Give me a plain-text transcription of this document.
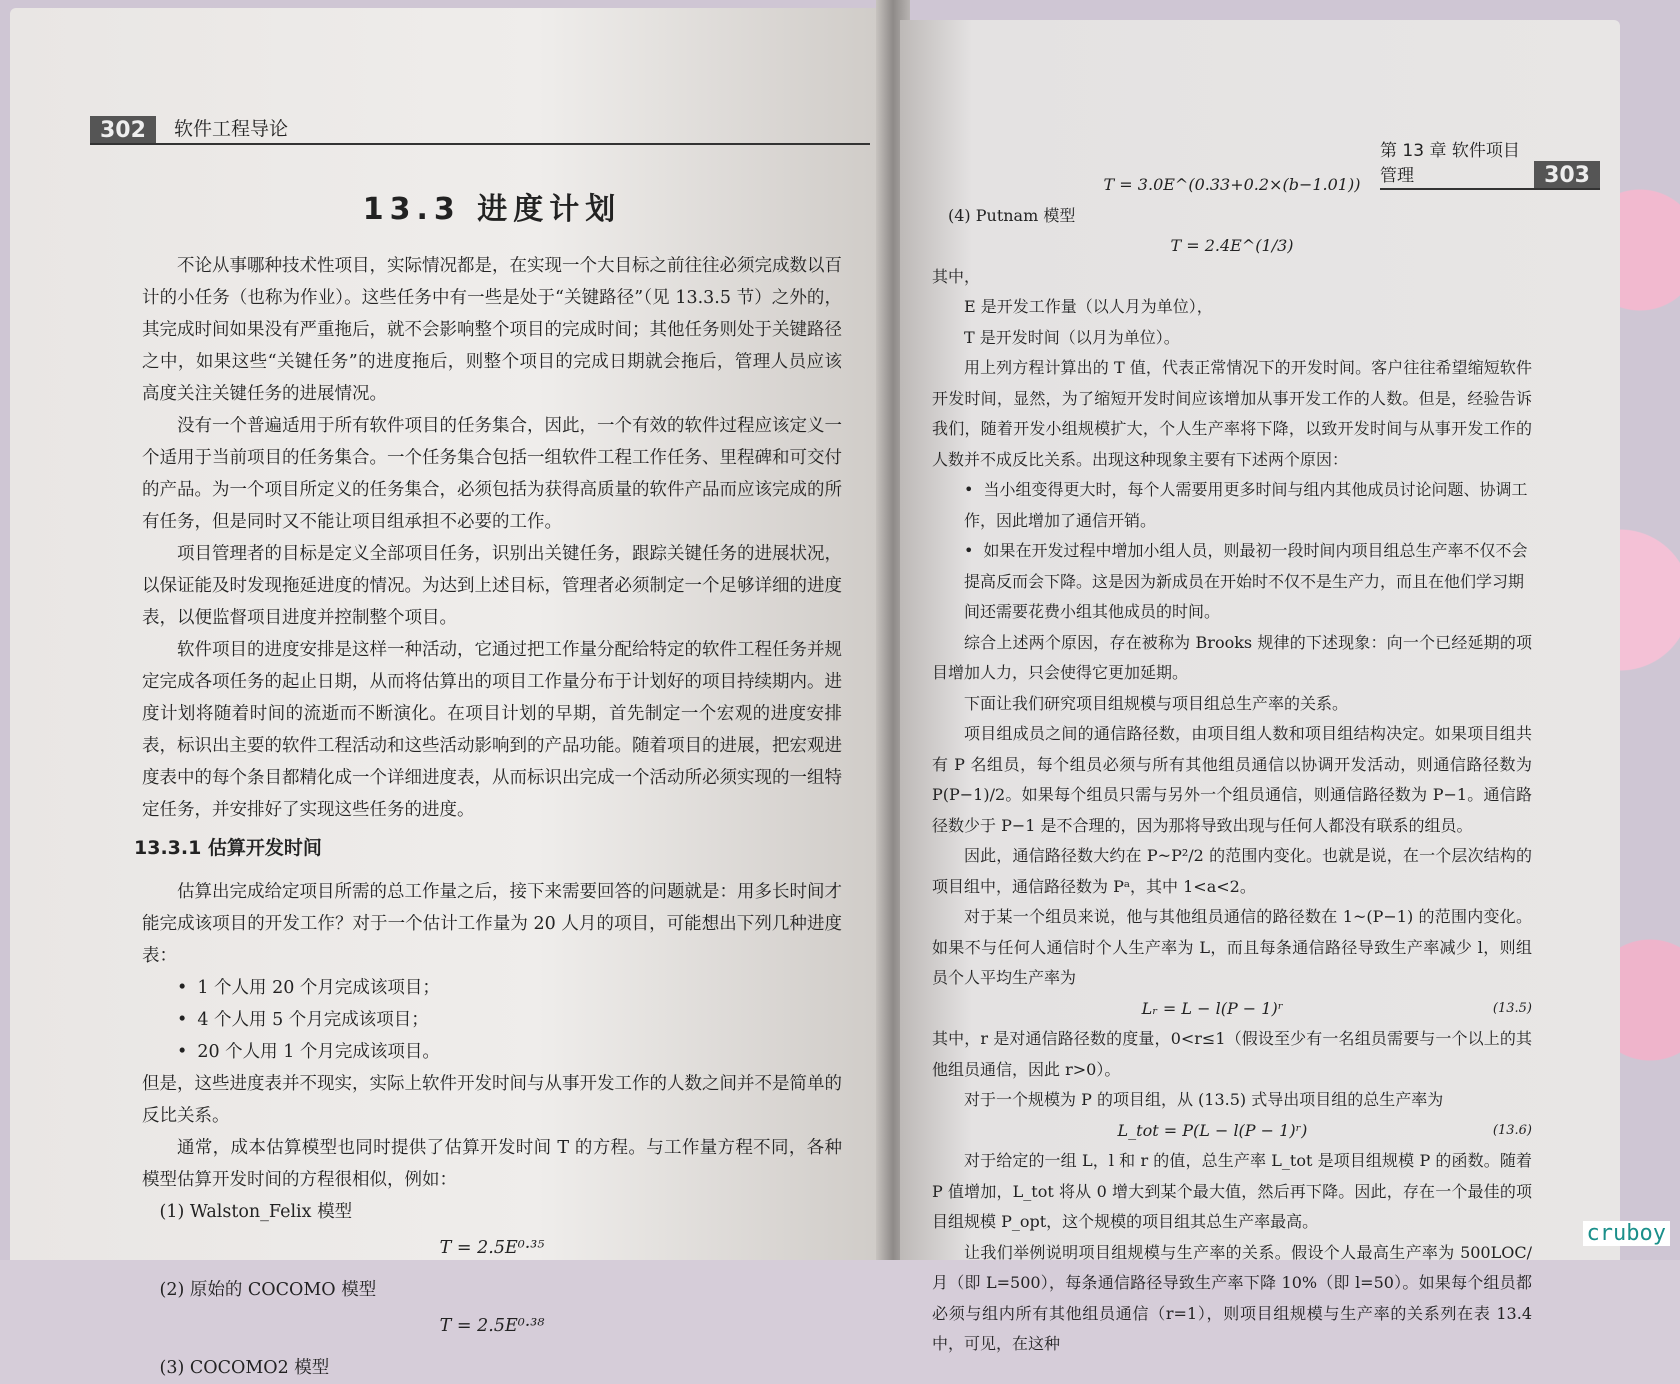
302	软件工程导论
13.3 进度计划

不论从事哪种技术性项目，实际情况都是，在实现一个大目标之前往往必须完成数以百计的小任务（也称为作业）。这些任务中有一些是处于“关键路径”（见 13.3.5 节）之外的，其完成时间如果没有严重拖后，就不会影响整个项目的完成时间；其他任务则处于关键路径之中，如果这些“关键任务”的进度拖后，则整个项目的完成日期就会拖后，管理人员应该高度关注关键任务的进展情况。

没有一个普遍适用于所有软件项目的任务集合，因此，一个有效的软件过程应该定义一个适用于当前项目的任务集合。一个任务集合包括一组软件工程工作任务、里程碑和可交付的产品。为一个项目所定义的任务集合，必须包括为获得高质量的软件产品而应该完成的所有任务，但是同时又不能让项目组承担不必要的工作。

项目管理者的目标是定义全部项目任务，识别出关键任务，跟踪关键任务的进展状况，以保证能及时发现拖延进度的情况。为达到上述目标，管理者必须制定一个足够详细的进度表，以便监督项目进度并控制整个项目。

软件项目的进度安排是这样一种活动，它通过把工作量分配给特定的软件工程任务并规定完成各项任务的起止日期，从而将估算出的项目工作量分布于计划好的项目持续期内。进度计划将随着时间的流逝而不断演化。在项目计划的早期，首先制定一个宏观的进度安排表，标识出主要的软件工程活动和这些活动影响到的产品功能。随着项目的进展，把宏观进度表中的每个条目都精化成一个详细进度表，从而标识出完成一个活动所必须实现的一组特定任务，并安排好了实现这些任务的进度。

13.3.1 估算开发时间

估算出完成给定项目所需的总工作量之后，接下来需要回答的问题就是：用多长时间才能完成该项目的开发工作？对于一个估计工作量为 20 人月的项目，可能想出下列几种进度表：

• 1 个人用 20 个月完成该项目；
• 4 个人用 5 个月完成该项目；
• 20 个人用 1 个月完成该项目。

但是，这些进度表并不现实，实际上软件开发时间与从事开发工作的人数之间并不是简单的反比关系。

通常，成本估算模型也同时提供了估算开发时间 T 的方程。与工作量方程不同，各种模型估算开发时间的方程很相似，例如：

(1) Walston_Felix 模型

T = 2.5E⁰·³⁵

(2) 原始的 COCOMO 模型

T = 2.5E⁰·³⁸

(3) COCOMO2 模型

第 13 章 软件项目管理	303
T = 3.0E^(0.33+0.2×(b−1.01))

(4) Putnam 模型

T = 2.4E^(1/3)

其中，

E 是开发工作量（以人月为单位），

T 是开发时间（以月为单位）。

用上列方程计算出的 T 值，代表正常情况下的开发时间。客户往往希望缩短软件开发时间，显然，为了缩短开发时间应该增加从事开发工作的人数。但是，经验告诉我们，随着开发小组规模扩大，个人生产率将下降，以致开发时间与从事开发工作的人数并不成反比关系。出现这种现象主要有下述两个原因：

• 当小组变得更大时，每个人需要用更多时间与组内其他成员讨论问题、协调工作，因此增加了通信开销。
• 如果在开发过程中增加小组人员，则最初一段时间内项目组总生产率不仅不会提高反而会下降。这是因为新成员在开始时不仅不是生产力，而且在他们学习期间还需要花费小组其他成员的时间。

综合上述两个原因，存在被称为 Brooks 规律的下述现象：向一个已经延期的项目增加人力，只会使得它更加延期。

下面让我们研究项目组规模与项目组总生产率的关系。

项目组成员之间的通信路径数，由项目组人数和项目组结构决定。如果项目组共有 P 名组员，每个组员必须与所有其他组员通信以协调开发活动，则通信路径数为 P(P−1)/2。如果每个组员只需与另外一个组员通信，则通信路径数为 P−1。通信路径数少于 P−1 是不合理的，因为那将导致出现与任何人都没有联系的组员。

因此，通信路径数大约在 P~P²/2 的范围内变化。也就是说，在一个层次结构的项目组中，通信路径数为 Pᵃ，其中 1<a<2。

对于某一个组员来说，他与其他组员通信的路径数在 1~(P−1) 的范围内变化。如果不与任何人通信时个人生产率为 L，而且每条通信路径导致生产率减少 l，则组员个人平均生产率为

Lᵣ = L − l(P − 1)ʳ	(13.5)

其中，r 是对通信路径数的度量，0<r≤1（假设至少有一名组员需要与一个以上的其他组员通信，因此 r>0）。

对于一个规模为 P 的项目组，从 (13.5) 式导出项目组的总生产率为

L_tot = P(L − l(P − 1)ʳ)	(13.6)

对于给定的一组 L，l 和 r 的值，总生产率 L_tot 是项目组规模 P 的函数。随着 P 值增加，L_tot 将从 0 增大到某个最大值，然后再下降。因此，存在一个最佳的项目组规模 P_opt，这个规模的项目组其总生产率最高。

让我们举例说明项目组规模与生产率的关系。假设个人最高生产率为 500LOC/月（即 L=500），每条通信路径导致生产率下降 10%（即 l=50）。如果每个组员都必须与组内所有其他组员通信（r=1），则项目组规模与生产率的关系列在表 13.4 中，可见，在这种

cruboy
